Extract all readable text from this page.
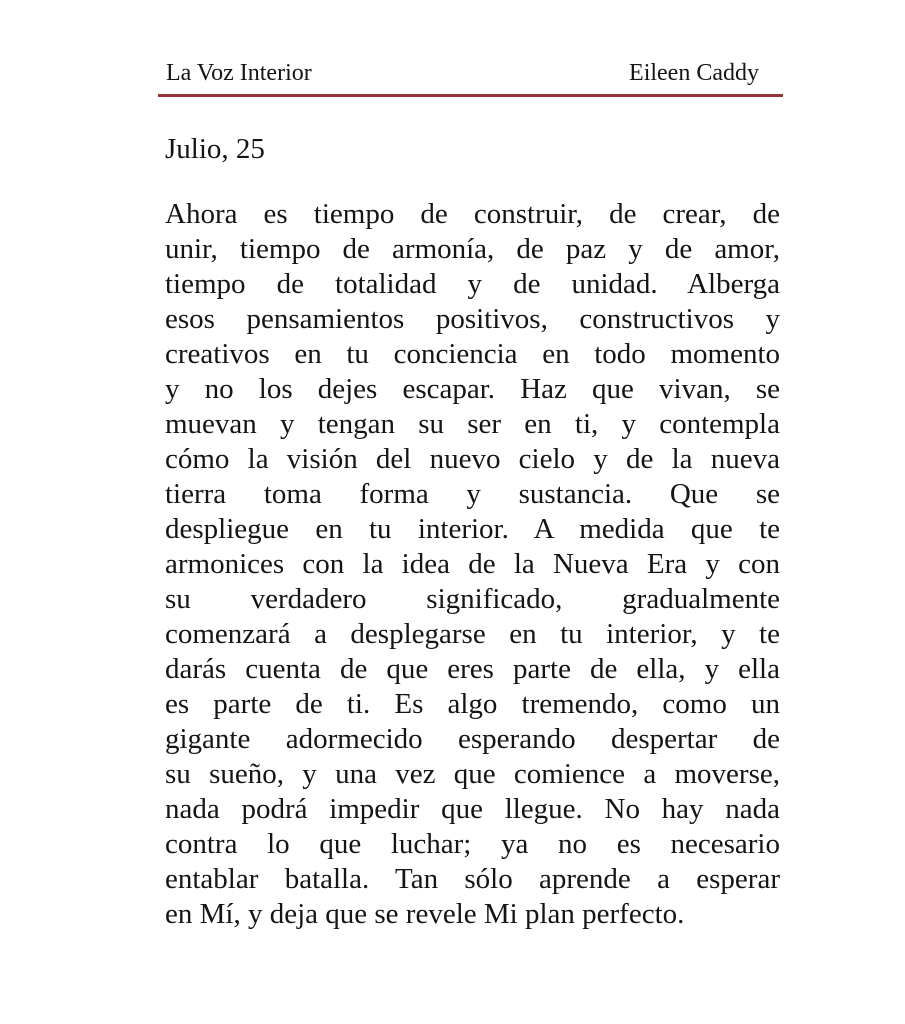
La Voz Interior	Eileen Caddy
Julio, 25
Ahora es tiempo de construir, de crear, de
unir, tiempo de armonía, de paz y de amor,
tiempo de totalidad y de unidad. Alberga
esos pensamientos positivos, constructivos y
creativos en tu conciencia en todo momento
y no los dejes escapar. Haz que vivan, se
muevan y tengan su ser en ti, y contempla
cómo la visión del nuevo cielo y de la nueva
tierra toma forma y sustancia. Que se
despliegue en tu interior. A medida que te
armonices con la idea de la Nueva Era y con
su verdadero significado, gradualmente
comenzará a desplegarse en tu interior, y te
darás cuenta de que eres parte de ella, y ella
es parte de ti. Es algo tremendo, como un
gigante adormecido esperando despertar de
su sueño, y una vez que comience a moverse,
nada podrá impedir que llegue. No hay nada
contra lo que luchar; ya no es necesario
entablar batalla. Tan sólo aprende a esperar
en Mí, y deja que se revele Mi plan perfecto.
